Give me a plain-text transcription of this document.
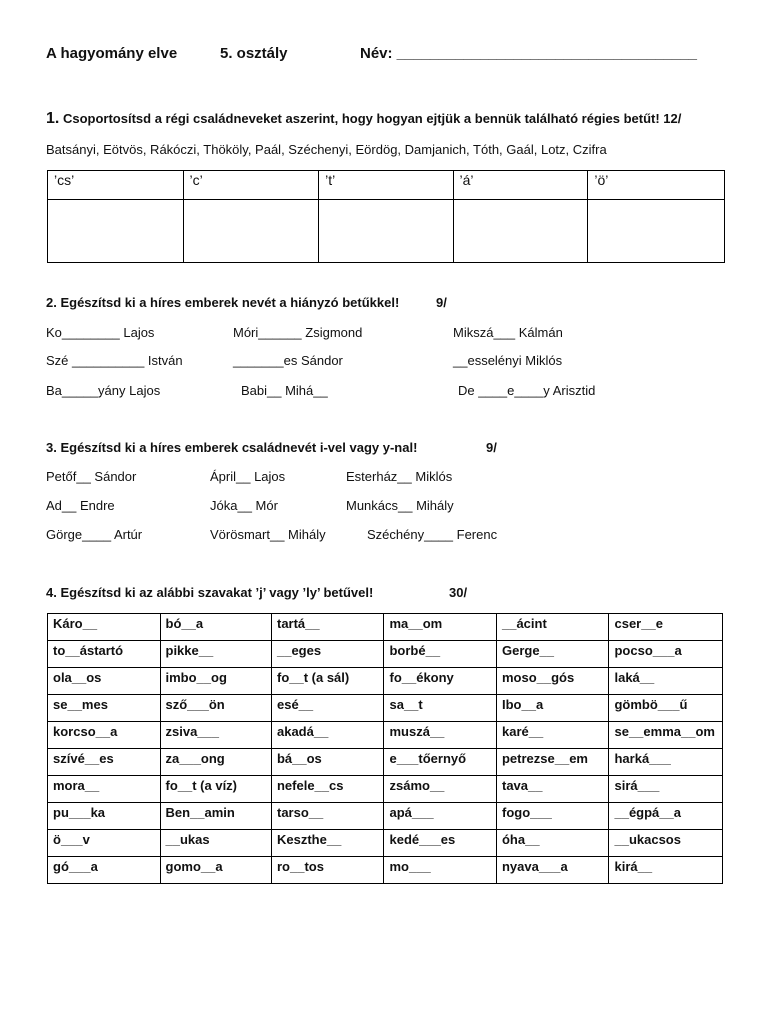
A hagyomány elve	5. osztály	Név: ____________________________________
1. Csoportosítsd a régi családneveket aszerint, hogy hogyan ejtjük a bennük található régies betűt! 12/
Batsányi, Eötvös, Rákóczi, Thököly, Paál, Széchenyi, Eördög, Damjanich, Tóth, Gaál, Lotz, Czifra
’cs’	’c’	’t’	’á’	’ö’

2. Egészítsd ki a híres emberek nevét a hiányzó betűkkel!	9/
Ko________ Lajos	Móri______ Zsigmond	Mikszá___ Kálmán
Szé __________ István	_______es Sándor	__esselényi Miklós
Ba_____yány Lajos	Babi__ Mihá__	De ____e____y Arisztid
3. Egészítsd ki a híres emberek családnevét i-vel vagy y-nal!	9/
Petőf__ Sándor	Ápril__ Lajos	Esterház__ Miklós
Ad__ Endre	Jóka__ Mór	Munkács__ Mihály
Görge____ Artúr	Vörösmart__ Mihály	Széchény____ Ferenc
4. Egészítsd ki az alábbi szavakat ’j’ vagy ’ly’ betűvel!	30/
Káro__	bó__a	tartá__	ma__om	__ácint	cser__e
to__ástartó	pikke__	__eges	borbé__	Gerge__	pocso___a
ola__os	imbo__og	fo__t (a sál)	fo__ékony	moso__gós	laká__
se__mes	sző___ön	esé__	sa__t	Ibo__a	gömbö___ű
korcso__a	zsiva___	akadá__	muszá__	karé__	se__emma__om
szívé__es	za___ong	bá__os	e___tőernyő	petrezse__em	harká___
mora__	fo__t (a víz)	nefele__cs	zsámo__	tava__	sirá___
pu___ka	Ben__amin	tarso__	apá___	fogo___	__égpá__a
ö___v	__ukas	Keszthe__	kedé___es	óha__	__ukacsos
gó___a	gomo__a	ro__tos	mo___	nyava___a	kirá__
